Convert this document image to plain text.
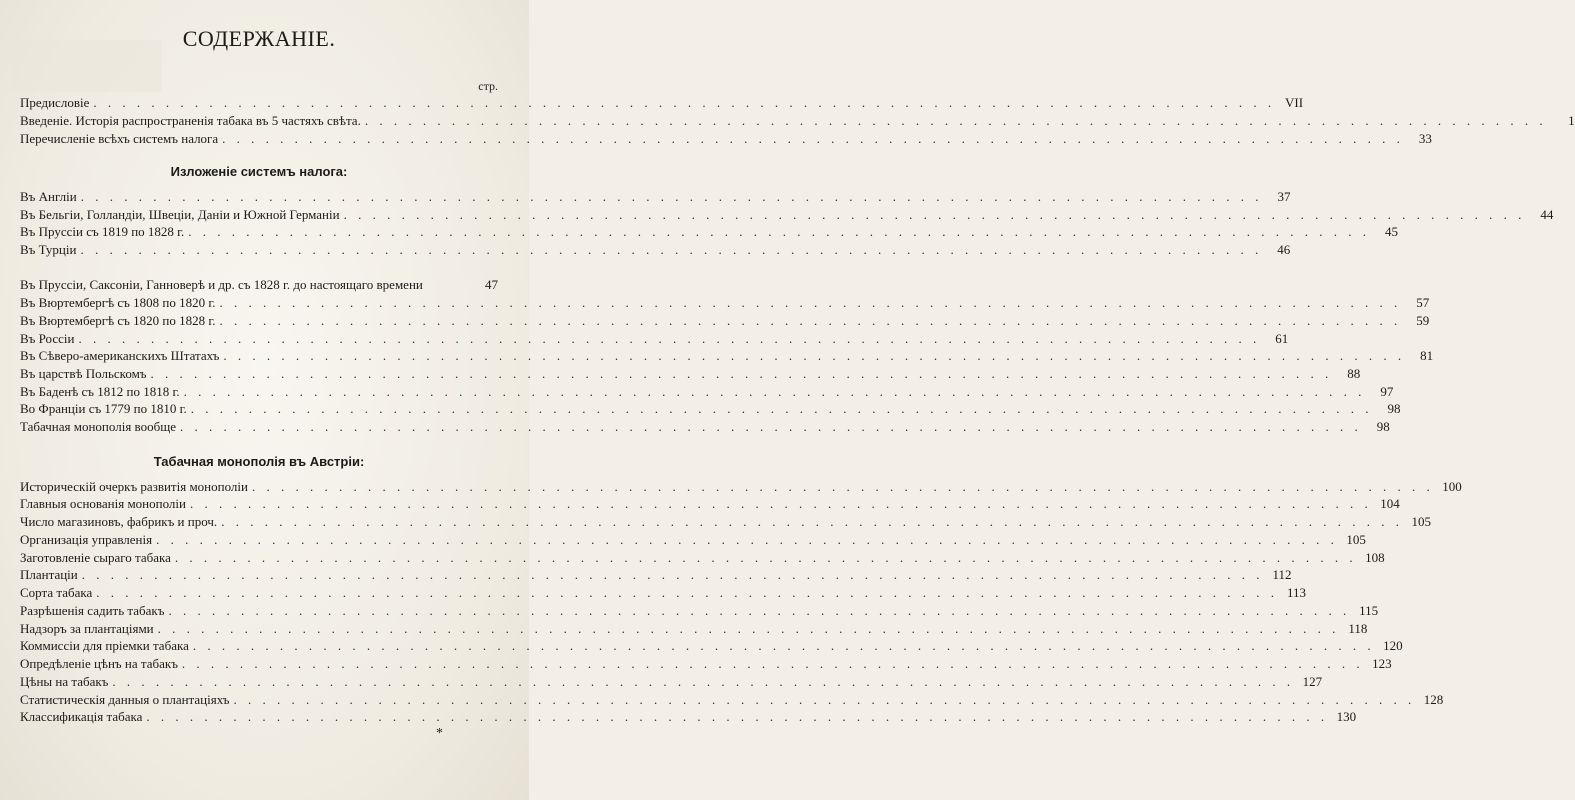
СОДЕРЖАНІЕ.
стр.
Предисловіе . . .	VII
Введеніе. Исторія распространенія табака въ 5 частяхъ свѣта. . . .	1
Перечисленіе всѣхъ системъ налога . . .	33
Изложеніе системъ налога:
Въ Англіи . . .	37
Въ Бельгіи, Голландіи, Швеціи, Даніи и Южной Германіи . . .	44
Въ Пруссіи съ 1819 по 1828 г. . . .	45
Въ Турціи . . .	46
Въ Пруссіи, Саксоніи, Ганноверѣ и др. съ 1828 г. до настоящаго времени	47
Въ Вюртембергѣ съ 1808 по 1820 г. . . .	57
Въ Вюртембергѣ съ 1820 по 1828 г. . . .	59
Въ Россіи . . .	61
Въ Сѣверо-американскихъ Штатахъ . . .	81
Въ царствѣ Польскомъ . . .	88
Въ Баденѣ съ 1812 по 1818 г. . . .	97
Во Франціи съ 1779 по 1810 г. . . .	98
Табачная монополія вообще . . .	98
Табачная монополія въ Австріи:
Историческій очеркъ развитія монополіи . . .	100
Главныя основанія монополіи . . .	104
Число магазиновъ, фабрикъ и проч. . . .	105
Организація управленія . . .	105
Заготовленіе сыраго табака . . .	108
Плантаціи . . .	112
Сорта табака . . .	113
Разрѣшенія садить табакъ . . .	115
Надзоръ за плантаціями . . .	118
Коммиссіи для пріемки табака . . .	120
Опредѣленіе цѣнъ на табакъ . . .	123
Цѣны на табакъ . . .	127
Статистическія данныя о плантаціяхъ . . .	128
Классификація табака . . .	130
*
